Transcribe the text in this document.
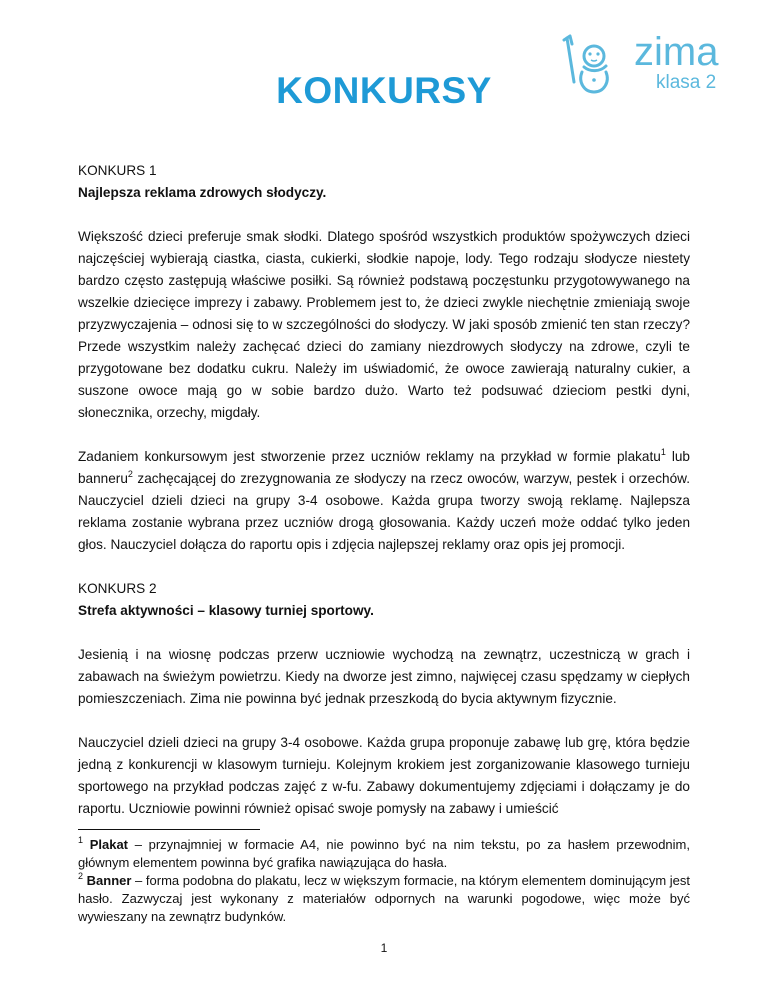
KONKURSY
zima
klasa 2

KONKURS 1

Najlepsza reklama zdrowych słodyczy.

Większość dzieci preferuje smak słodki. Dlatego spośród wszystkich produktów spożywczych dzieci najczęściej wybierają ciastka, ciasta, cukierki, słodkie napoje, lody. Tego rodzaju słodycze niestety bardzo często zastępują właściwe posiłki. Są również podstawą poczęstunku przygotowywanego na wszelkie dziecięce imprezy i zabawy. Problemem jest to, że dzieci zwykle niechętnie zmieniają swoje przyzwyczajenia – odnosi się to w szczególności do słodyczy. W jaki sposób zmienić ten stan rzeczy? Przede wszystkim należy zachęcać dzieci do zamiany niezdrowych słodyczy na zdrowe, czyli te przygotowane bez dodatku cukru. Należy im uświadomić, że owoce zawierają naturalny cukier, a suszone owoce mają go w sobie bardzo dużo. Warto też podsuwać dzieciom pestki dyni, słonecznika, orzechy, migdały.

Zadaniem konkursowym jest stworzenie przez uczniów reklamy na przykład w formie plakatu$^1$ lub banneru$^2$ zachęcającej do zrezygnowania ze słodyczy na rzecz owoców, warzyw, pestek i orzechów. Nauczyciel dzieli dzieci na grupy 3-4 osobowe. Każda grupa tworzy swoją reklamę. Najlepsza reklama zostanie wybrana przez uczniów drogą głosowania. Każdy uczeń może oddać tylko jeden głos. Nauczyciel dołącza do raportu opis i zdjęcia najlepszej reklamy oraz opis jej promocji.

KONKURS 2

Strefa aktywności – klasowy turniej sportowy.

Jesienią i na wiosnę podczas przerw uczniowie wychodzą na zewnątrz, uczestniczą w grach i zabawach na świeżym powietrzu. Kiedy na dworze jest zimno, najwięcej czasu spędzamy w ciepłych pomieszczeniach. Zima nie powinna być jednak przeszkodą do bycia aktywnym fizycznie.

Nauczyciel dzieli dzieci na grupy 3-4 osobowe. Każda grupa proponuje zabawę lub grę, która będzie jedną z konkurencji w klasowym turnieju. Kolejnym krokiem jest zorganizowanie klasowego turnieju sportowego na przykład podczas zajęć z w-fu. Zabawy dokumentujemy zdjęciami i dołączamy je do raportu. Uczniowie powinni również opisać swoje pomysły na zabawy i umieścić

$^1$ Plakat – przynajmniej w formacie A4, nie powinno być na nim tekstu, po za hasłem przewodnim, głównym elementem powinna być grafika nawiązująca do hasła.

$^2$ Banner – forma podobna do plakatu, lecz w większym formacie, na którym elementem dominującym jest hasło. Zazwyczaj jest wykonany z materiałów odpornych na warunki pogodowe, więc może być wywieszany na zewnątrz budynków.

1
